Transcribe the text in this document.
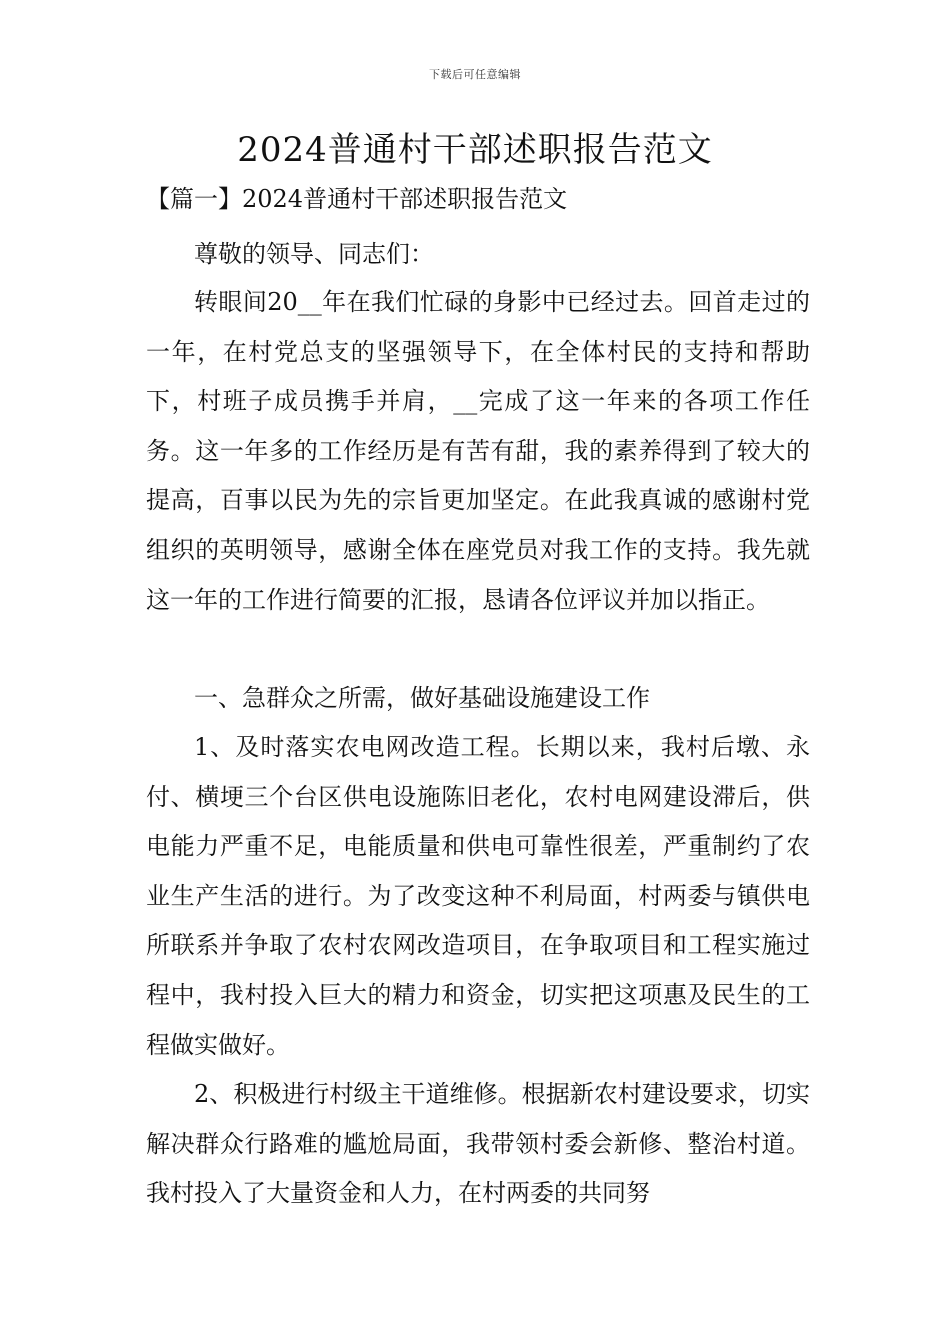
下载后可任意编辑
2024普通村干部述职报告范文
【篇一】2024普通村干部述职报告范文

尊敬的领导、同志们：

转眼间20__年在我们忙碌的身影中已经过去。回首走过的一年，在村党总支的坚强领导下，在全体村民的支持和帮助下，村班子成员携手并肩，__完成了这一年来的各项工作任务。这一年多的工作经历是有苦有甜，我的素养得到了较大的提高，百事以民为先的宗旨更加坚定。在此我真诚的感谢村党组织的英明领导，感谢全体在座党员对我工作的支持。我先就这一年的工作进行简要的汇报，恳请各位评议并加以指正。

一、急群众之所需，做好基础设施建设工作

1、及时落实农电网改造工程。长期以来，我村后墩、永付、横埂三个台区供电设施陈旧老化，农村电网建设滞后，供电能力严重不足，电能质量和供电可靠性很差，严重制约了农业生产生活的进行。为了改变这种不利局面，村两委与镇供电所联系并争取了农村农网改造项目，在争取项目和工程实施过程中，我村投入巨大的精力和资金，切实把这项惠及民生的工程做实做好。

2、积极进行村级主干道维修。根据新农村建设要求，切实解决群众行路难的尴尬局面，我带领村委会新修、整治村道。我村投入了大量资金和人力，在村两委的共同努
